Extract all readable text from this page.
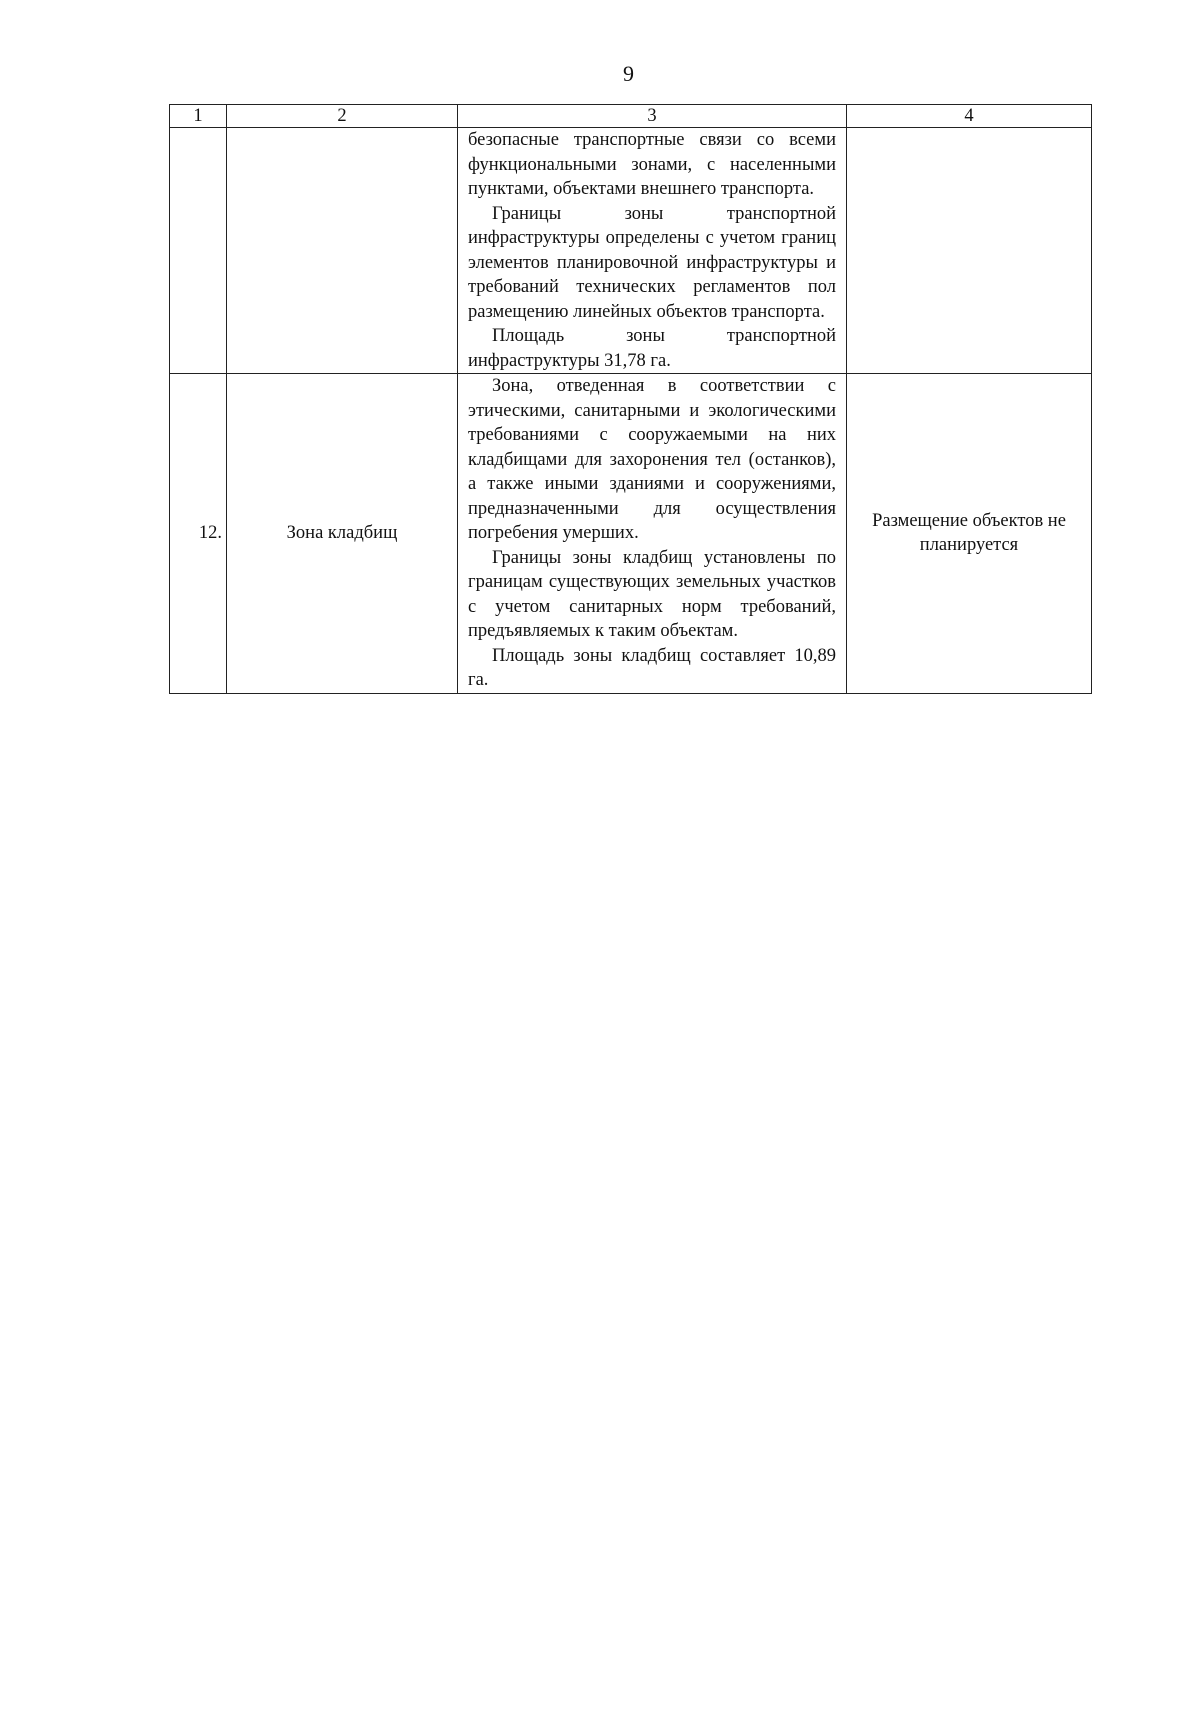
9
1	2	3	4

		безопасные транспортные связи со всеми функциональными зонами, с населенными пунктами, объектами внешнего транспорта.

Границы зоны транспортной инфраструктуры определены с учетом границ элементов планировочной инфраструктуры и требований технических регламентов пол размещению линейных объектов транспорта.

Площадь зоны транспортной инфраструктуры 31,78 га.	

12.	Зона кладбищ	Зона, отведенная в соответствии с этическими, санитарными и экологическими требованиями с сооружаемыми на них кладбищами для захоронения тел (останков), а также иными зданиями и сооружениями, предназначенными для осуществления погребения умерших.

Границы зоны кладбищ установлены по границам существующих земельных участков с учетом санитарных норм требований, предъявляемых к таким объектам.

Площадь зоны кладбищ составляет 10,89 га.	Размещение объектов не планируется
